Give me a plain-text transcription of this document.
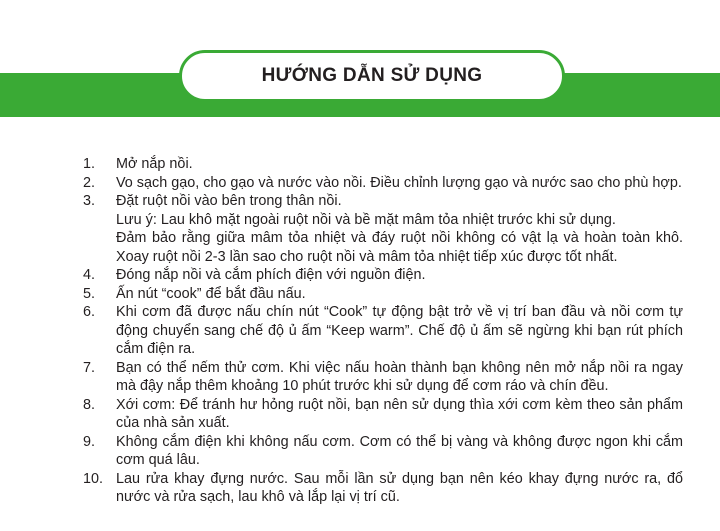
HƯỚNG DẪN SỬ DỤNG
1.	Mở nắp nồi.

2.	Vo sạch gạo, cho gạo và nước vào nồi. Điều chỉnh lượng gạo và nước sao cho phù hợp.

3.	Đặt ruột nồi vào bên trong thân nồi.

Lưu ý: Lau khô mặt ngoài ruột nồi và bề mặt mâm tỏa nhiệt trước khi sử dụng.

Đảm bảo rằng giữa mâm tỏa nhiệt và đáy ruột nồi không có vật lạ và hoàn toàn khô. Xoay ruột nồi 2-3 lần sao cho ruột nồi và mâm tỏa nhiệt tiếp xúc được tốt nhất.

4.	Đóng nắp nồi và cắm phích điện với nguồn điện.

5.	Ấn nút “cook” để bắt đầu nấu.

6.	Khi cơm đã được nấu chín nút “Cook” tự động bật trở về vị trí ban đầu và nồi cơm tự động chuyển sang chế độ ủ ấm “Keep warm”. Chế độ ủ ấm sẽ ngừng khi bạn rút phích cắm điện ra.

7.	Bạn có thể nếm thử cơm. Khi việc nấu hoàn thành bạn không nên mở nắp nồi ra ngay mà đậy nắp thêm khoảng 10 phút trước khi sử dụng để cơm ráo và chín đều.

8.	Xới cơm: Để tránh hư hỏng ruột nồi, bạn nên sử dụng thìa xới cơm kèm theo sản phẩm của nhà sản xuất.

9.	Không cắm điện khi không nấu cơm. Cơm có thể bị vàng và không được ngon khi cắm cơm quá lâu.

10. Lau rửa khay đựng nước. Sau mỗi lần sử dụng bạn nên kéo khay đựng nước ra, đổ nước và rửa sạch, lau khô và lắp lại vị trí cũ.
